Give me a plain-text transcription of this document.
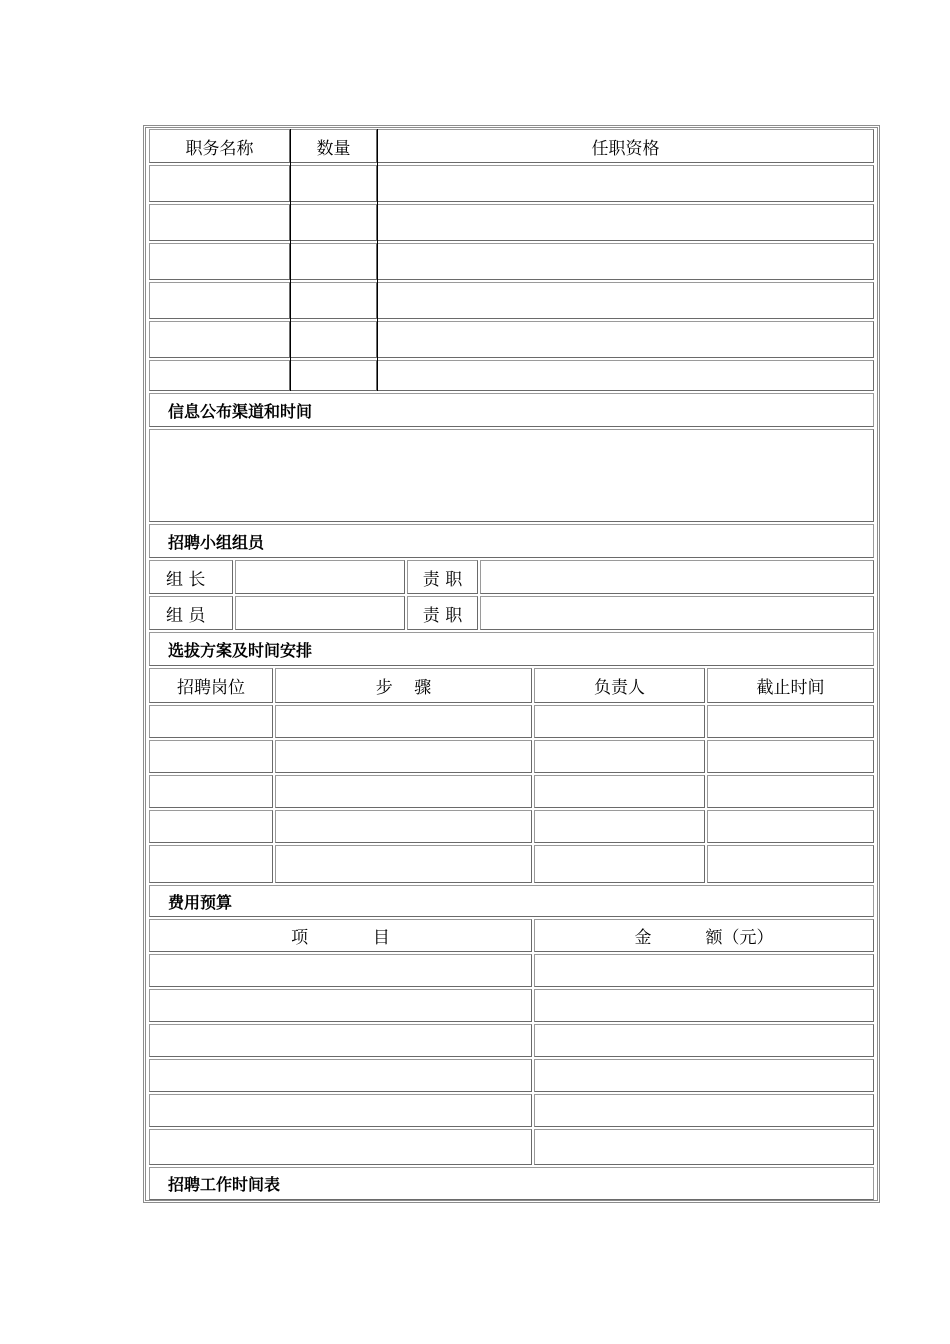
职务名称	数量	任职资格
信息公布渠道和时间
招聘小组组员
组 长	责 职
组 员	责 职
选拔方案及时间安排
招聘岗位	步    骤	负责人	截止时间
费用预算
项            目	金          额（元）
招聘工作时间表
